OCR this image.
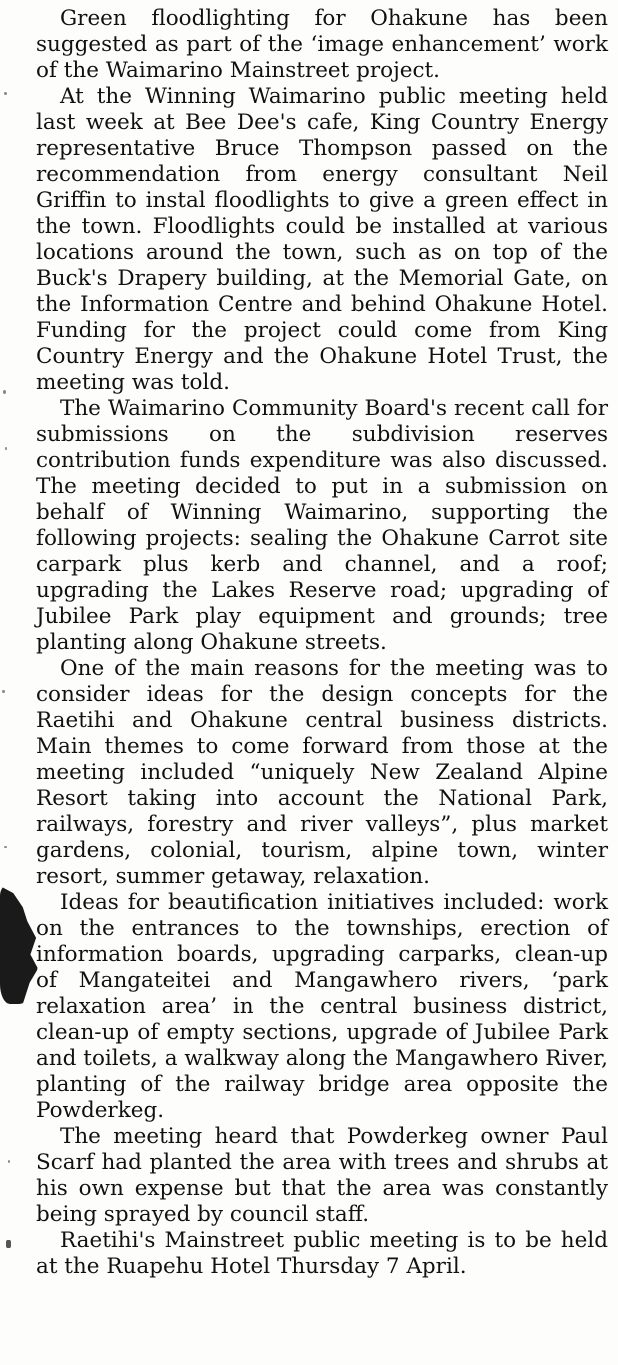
Green floodlighting for Ohakune has been suggested as part of the ‘image enhancement’ work of the Waimarino Mainstreet project.

At the Winning Waimarino public meeting held last week at Bee Dee's cafe, King Country Energy representative Bruce Thompson passed on the recommendation from energy consultant Neil Griffin to instal floodlights to give a green effect in the town. Floodlights could be installed at various locations around the town, such as on top of the Buck's Drapery building, at the Memorial Gate, on the Information Centre and behind Ohakune Hotel. Funding for the project could come from King Country Energy and the Ohakune Hotel Trust, the meeting was told.

The Waimarino Community Board's recent call for submissions on the subdivision reserves contribution funds expenditure was also discussed. The meeting decided to put in a submission on behalf of Winning Waimarino, supporting the following projects: sealing the Ohakune Carrot site carpark plus kerb and channel, and a roof; upgrading the Lakes Reserve road; upgrading of Jubilee Park play equipment and grounds; tree planting along Ohakune streets.

One of the main reasons for the meeting was to consider ideas for the design concepts for the Raetihi and Ohakune central business districts. Main themes to come forward from those at the meeting included “uniquely New Zealand Alpine Resort taking into account the National Park, railways, forestry and river valleys”, plus market gardens, colonial, tourism, alpine town, winter resort, summer getaway, relaxation.

Ideas for beautification initiatives included: work on the entrances to the townships, erection of information boards, upgrading carparks, clean-up of Mangateitei and Mangawhero rivers, ‘park relaxation area’ in the central business district, clean-up of empty sections, upgrade of Jubilee Park and toilets, a walkway along the Mangawhero River, planting of the railway bridge area opposite the Powderkeg.

The meeting heard that Powderkeg owner Paul Scarf had planted the area with trees and shrubs at his own expense but that the area was constantly being sprayed by council staff.

Raetihi's Mainstreet public meeting is to be held at the Ruapehu Hotel Thursday 7 April.
